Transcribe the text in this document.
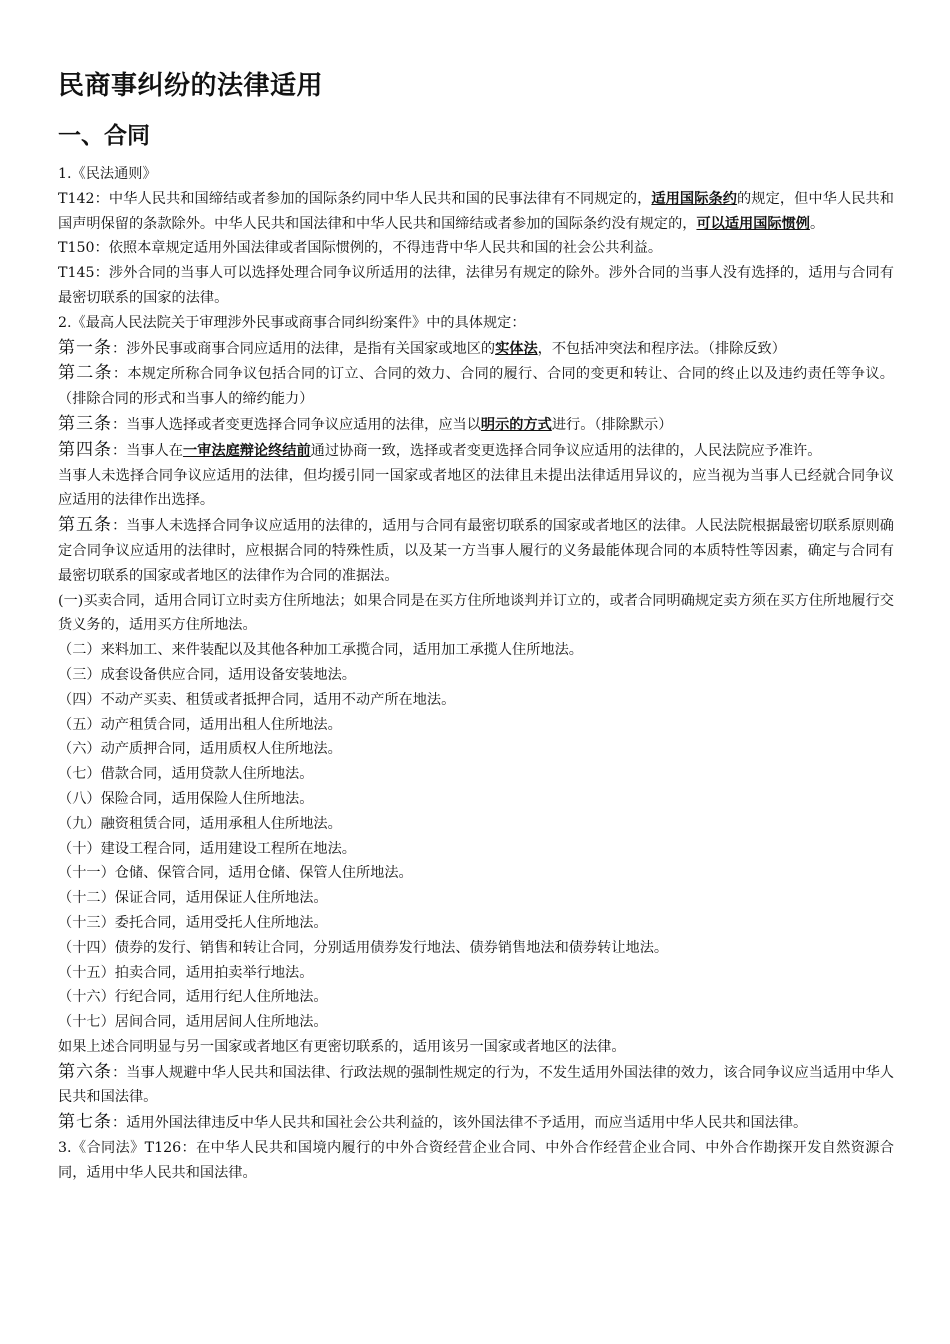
民商事纠纷的法律适用
一、合同

1.《民法通则》

T142：中华人民共和国缔结或者参加的国际条约同中华人民共和国的民事法律有不同规定的，适用国际条约的规定，但中华人民共和国声明保留的条款除外。中华人民共和国法律和中华人民共和国缔结或者参加的国际条约没有规定的，可以适用国际惯例。

T150：依照本章规定适用外国法律或者国际惯例的，不得违背中华人民共和国的社会公共利益。

T145：涉外合同的当事人可以选择处理合同争议所适用的法律，法律另有规定的除外。涉外合同的当事人没有选择的，适用与合同有最密切联系的国家的法律。

2.《最高人民法院关于审理涉外民事或商事合同纠纷案件》中的具体规定：

第一条：涉外民事或商事合同应适用的法律，是指有关国家或地区的实体法，不包括冲突法和程序法。（排除反致）

第二条：本规定所称合同争议包括合同的订立、合同的效力、合同的履行、合同的变更和转让、合同的终止以及违约责任等争议。（排除合同的形式和当事人的缔约能力）

第三条：当事人选择或者变更选择合同争议应适用的法律，应当以明示的方式进行。（排除默示）

第四条：当事人在一审法庭辩论终结前通过协商一致，选择或者变更选择合同争议应适用的法律的，人民法院应予准许。

当事人未选择合同争议应适用的法律，但均援引同一国家或者地区的法律且未提出法律适用异议的，应当视为当事人已经就合同争议应适用的法律作出选择。

第五条：当事人未选择合同争议应适用的法律的，适用与合同有最密切联系的国家或者地区的法律。人民法院根据最密切联系原则确定合同争议应适用的法律时，应根据合同的特殊性质，以及某一方当事人履行的义务最能体现合同的本质特性等因素，确定与合同有最密切联系的国家或者地区的法律作为合同的准据法。

(一)买卖合同，适用合同订立时卖方住所地法；如果合同是在买方住所地谈判并订立的，或者合同明确规定卖方须在买方住所地履行交货义务的，适用买方住所地法。

（二）来料加工、来件装配以及其他各种加工承揽合同，适用加工承揽人住所地法。

（三）成套设备供应合同，适用设备安装地法。

（四）不动产买卖、租赁或者抵押合同，适用不动产所在地法。

（五）动产租赁合同，适用出租人住所地法。

（六）动产质押合同，适用质权人住所地法。

（七）借款合同，适用贷款人住所地法。

（八）保险合同，适用保险人住所地法。

（九）融资租赁合同，适用承租人住所地法。

（十）建设工程合同，适用建设工程所在地法。

（十一）仓储、保管合同，适用仓储、保管人住所地法。

（十二）保证合同，适用保证人住所地法。

（十三）委托合同，适用受托人住所地法。

（十四）债券的发行、销售和转让合同，分别适用债券发行地法、债券销售地法和债券转让地法。

（十五）拍卖合同，适用拍卖举行地法。

（十六）行纪合同，适用行纪人住所地法。

（十七）居间合同，适用居间人住所地法。

如果上述合同明显与另一国家或者地区有更密切联系的，适用该另一国家或者地区的法律。

第六条：当事人规避中华人民共和国法律、行政法规的强制性规定的行为，不发生适用外国法律的效力，该合同争议应当适用中华人民共和国法律。

第七条：适用外国法律违反中华人民共和国社会公共利益的，该外国法律不予适用，而应当适用中华人民共和国法律。

3.《合同法》T126：在中华人民共和国境内履行的中外合资经营企业合同、中外合作经营企业合同、中外合作勘探开发自然资源合同，适用中华人民共和国法律。
